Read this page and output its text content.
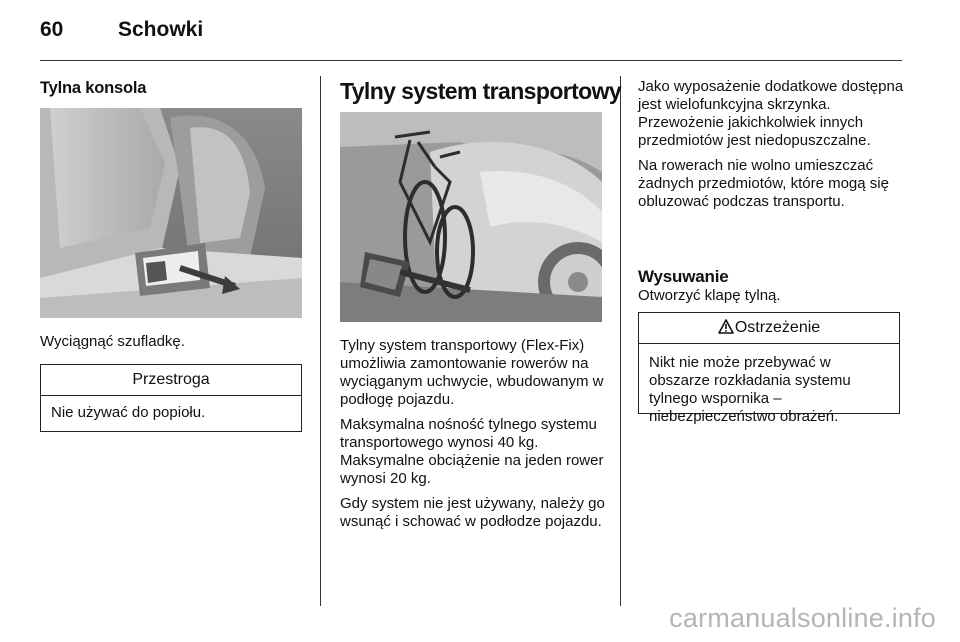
60	Schowki
Tylna konsola
Wyciągnąć szufladkę.
Przestroga
Nie używać do popiołu.
Tylny system transportowy

Tylny system transportowy (Flex-Fix) umożliwia zamontowanie rowerów na wyciąganym uchwycie, wbudowanym w podłogę pojazdu.

Maksymalna nośność tylnego systemu transportowego wynosi 40 kg. Maksymalne obciążenie na jeden rower wynosi 20 kg.

Gdy system nie jest używany, należy go wsunąć i schować w podłodze pojazdu.

Jako wyposażenie dodatkowe dostępna jest wielofunkcyjna skrzynka. Przewożenie jakichkolwiek innych przedmiotów jest niedopuszczalne.

Na rowerach nie wolno umieszczać żadnych przedmiotów, które mogą się obluzować podczas transportu.

Wysuwanie
Otworzyć klapę tylną.
Ostrzeżenie
Nikt nie może przebywać w obszarze rozkładania systemu tylnego wspornika – niebezpieczeństwo obrażeń.
carmanualsonline.info
